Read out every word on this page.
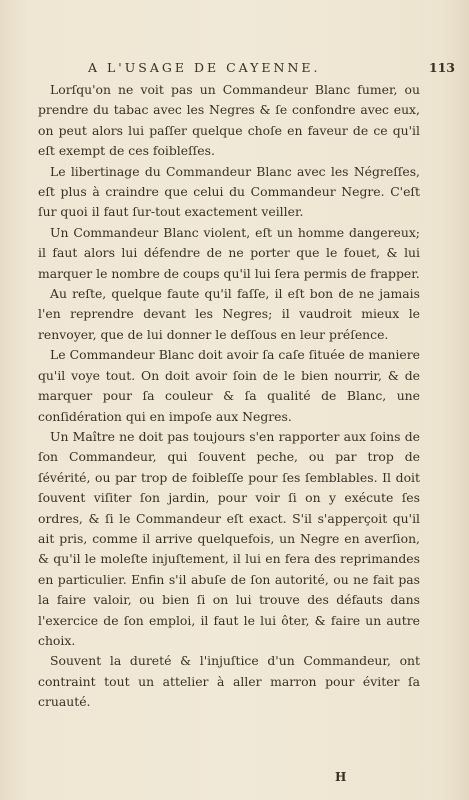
A L'USAGE DE CAYENNE.	113

Lorſqu'on ne voit pas un Commandeur Blanc fumer, ou prendre du tabac avec les Negres & ſe confondre avec eux, on peut alors lui paſſer quelque choſe en faveur de ce qu'il eſt exempt de ces foibleſſes.

Le libertinage du Commandeur Blanc avec les Négreſſes, eſt plus à craindre que celui du Commandeur Negre. C'eſt ſur quoi il faut ſur-tout exactement veiller.

Un Commandeur Blanc violent, eſt un homme dangereux; il faut alors lui défendre de ne porter que le fouet, & lui marquer le nombre de coups qu'il lui ſera permis de frapper.

Au reſte, quelque faute qu'il faſſe, il eſt bon de ne jamais l'en reprendre devant les Negres; il vaudroit mieux le renvoyer, que de lui donner le deſſous en leur préſence.

Le Commandeur Blanc doit avoir ſa caſe ſituée de maniere qu'il voye tout. On doit avoir ſoin de le bien nourrir, & de marquer pour ſa couleur & ſa qualité de Blanc, une conſidération qui en impoſe aux Negres.

Un Maître ne doit pas toujours s'en rapporter aux ſoins de ſon Commandeur, qui ſouvent peche, ou par trop de ſévérité, ou par trop de foibleſſe pour ſes ſemblables. Il doit ſouvent viſiter ſon jardin, pour voir ſi on y exécute ſes ordres, & ſi le Commandeur eſt exact. S'il s'apperçoit qu'il ait pris, comme il arrive quelquefois, un Negre en averſion, & qu'il le moleſte injuſtement, il lui en fera des reprimandes en particulier. Enfin s'il abuſe de ſon autorité, ou ne fait pas la faire valoir, ou bien ſi on lui trouve des défauts dans l'exercice de ſon emploi, il faut le lui ôter, & faire un autre choix.

Souvent la dureté & l'injuſtice d'un Commandeur, ont contraint tout un attelier à aller marron pour éviter ſa cruauté.

H
